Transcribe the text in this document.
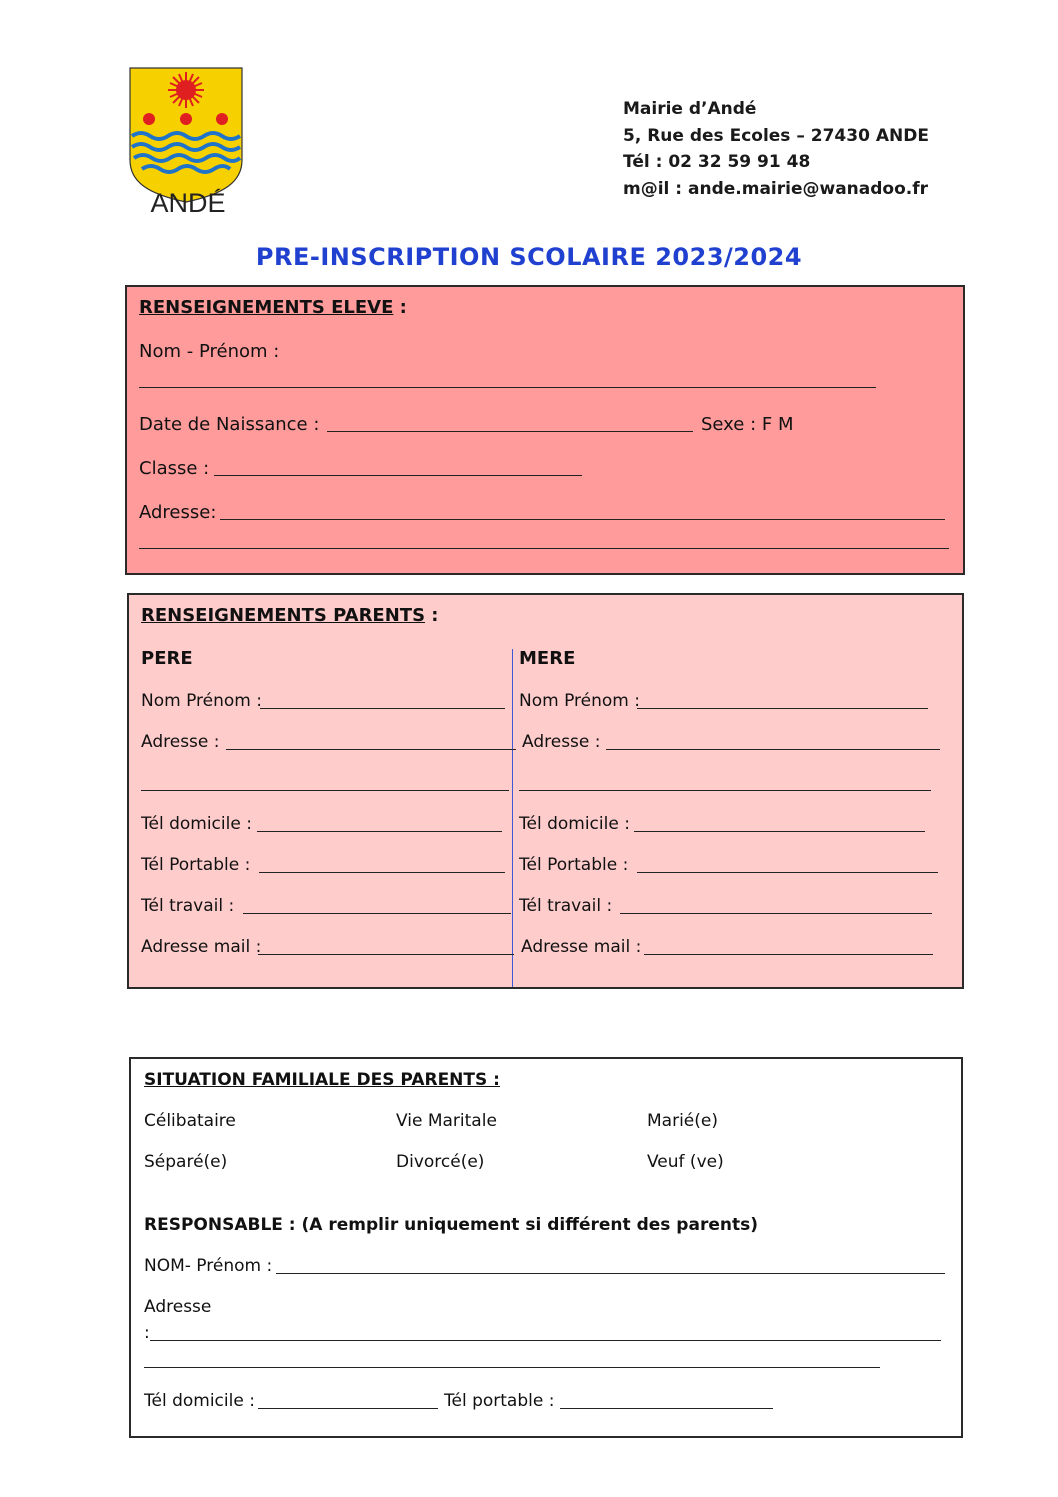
ANDÉ
Mairie d’Andé
5, Rue des Ecoles – 27430 ANDE
Tél : 02 32 59 91 48
m@il : ande.mairie@wanadoo.fr
PRE-INSCRIPTION SCOLAIRE 2023/2024
RENSEIGNEMENTS ELEVE :
Nom - Prénom :
Date de Naissance :	Sexe : F M
Classe :
Adresse:
RENSEIGNEMENTS PARENTS :
PERE
Nom Prénom :
Adresse :
Tél domicile :
Tél Portable :
Tél travail :
Adresse mail :
MERE
Nom Prénom :
Adresse :
Tél domicile :
Tél Portable :
Tél travail :
Adresse mail :
SITUATION FAMILIALE DES PARENTS :
Célibataire	Vie Maritale	Marié(e)
Séparé(e)	Divorcé(e)	Veuf (ve)
RESPONSABLE : (A remplir uniquement si différent des parents)
NOM- Prénom :
Adresse
:
Tél domicile :	Tél portable :
